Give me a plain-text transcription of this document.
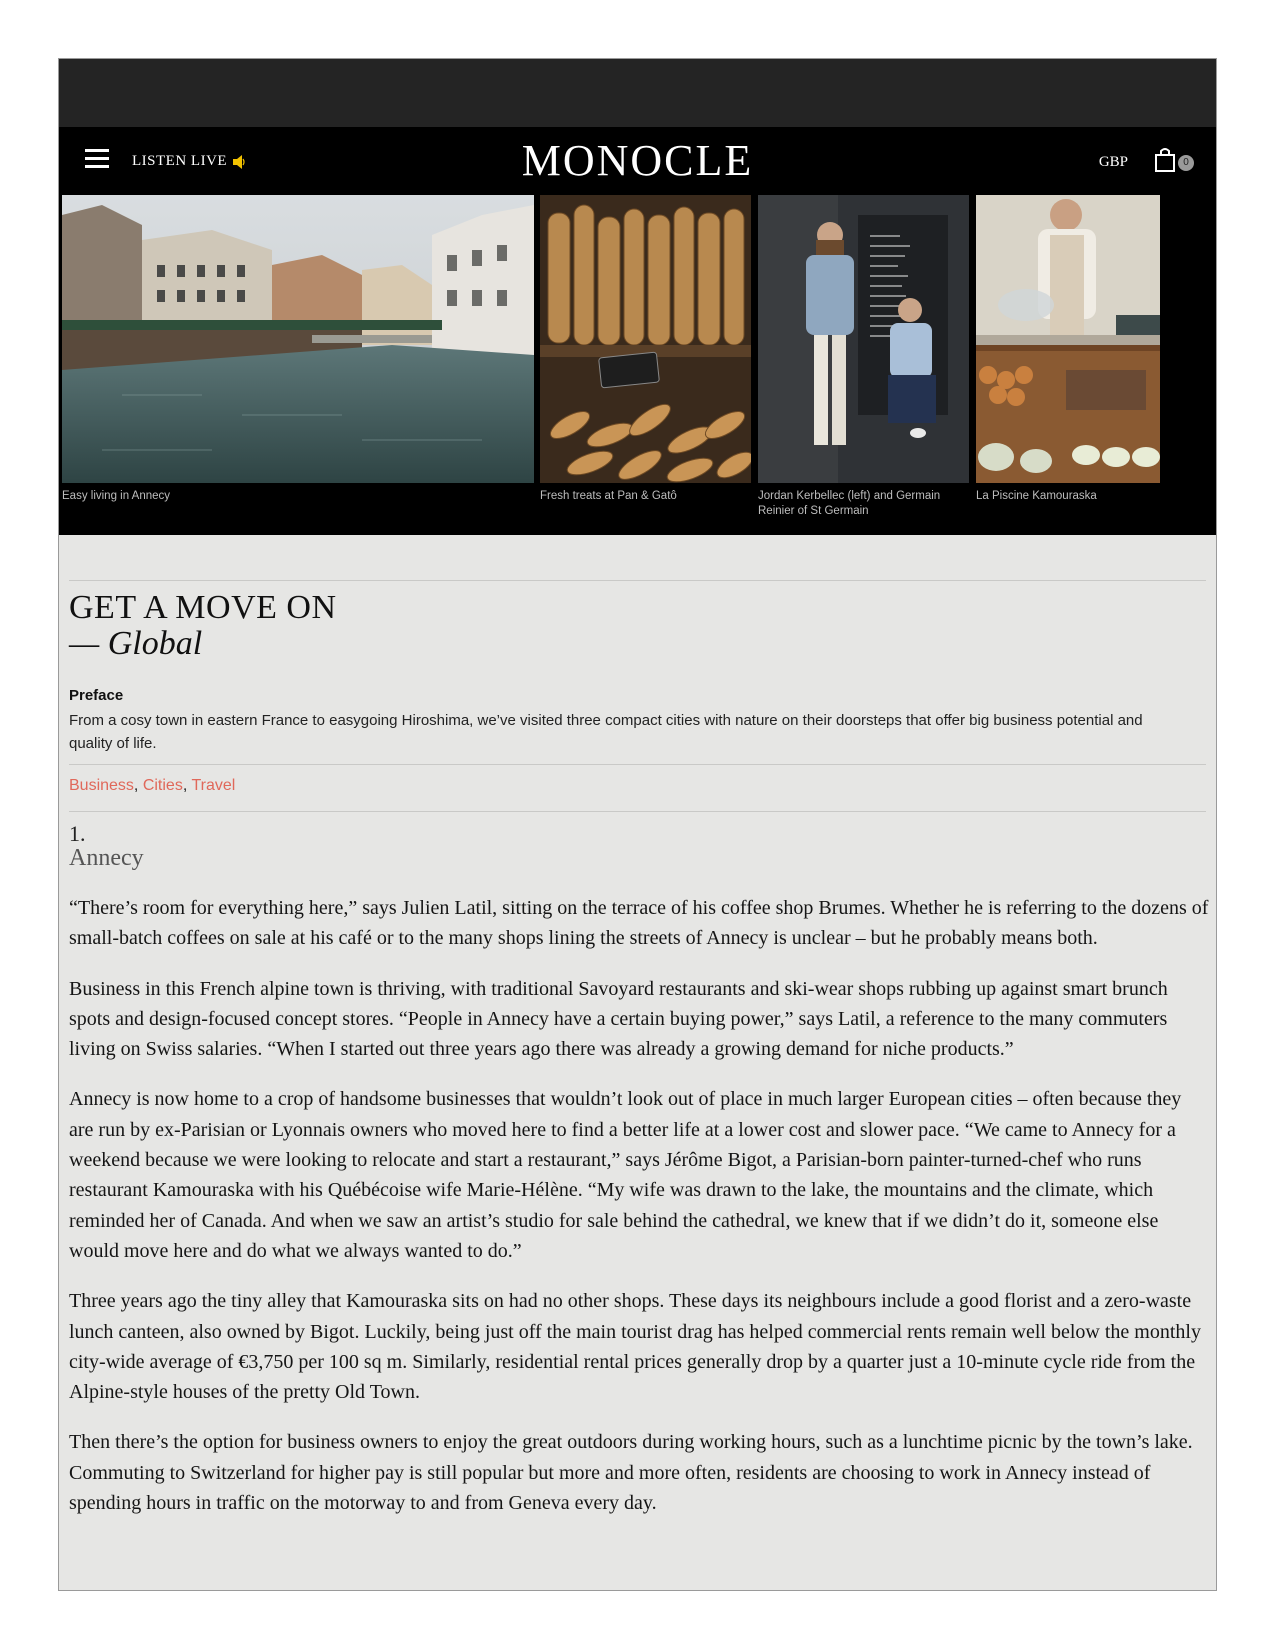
LISTEN LIVE	MONOCLE	GBP	0
Easy living in Annecy	Fresh treats at Pan & Gatô	Jordan Kerbellec (left) and Germain Reinier of St Germain
La Piscine Kamouraska
GET A MOVE ON
— Global
Preface
From a cosy town in eastern France to easygoing Hiroshima, we’ve visited three compact cities with nature on their doorsteps that offer big business potential and quality of life.
Business, Cities, Travel
1.
Annecy

“There’s room for everything here,” says Julien Latil, sitting on the terrace of his coffee shop Brumes. Whether he is referring to the dozens of small-batch coffees on sale at his café or to the many shops lining the streets of Annecy is unclear – but he probably means both.

Business in this French alpine town is thriving, with traditional Savoyard restaurants and ski-wear shops rubbing up against smart brunch spots and design-focused concept stores. “People in Annecy have a certain buying power,” says Latil, a reference to the many commuters living on Swiss salaries. “When I started out three years ago there was already a growing demand for niche products.”

Annecy is now home to a crop of handsome businesses that wouldn’t look out of place in much larger European cities – often because they are run by ex-Parisian or Lyonnais owners who moved here to find a better life at a lower cost and slower pace. “We came to Annecy for a weekend because we were looking to relocate and start a restaurant,” says Jérôme Bigot, a Parisian-born painter-turned-chef who runs restaurant Kamouraska with his Québécoise wife Marie-Hélène. “My wife was drawn to the lake, the mountains and the climate, which reminded her of Canada. And when we saw an artist’s studio for sale behind the cathedral, we knew that if we didn’t do it, someone else would move here and do what we always wanted to do.”

Three years ago the tiny alley that Kamouraska sits on had no other shops. These days its neighbours include a good florist and a zero-waste lunch canteen, also owned by Bigot. Luckily, being just off the main tourist drag has helped commercial rents remain well below the monthly city-wide average of €3,750 per 100 sq m. Similarly, residential rental prices generally drop by a quarter just a 10-minute cycle ride from the Alpine-style houses of the pretty Old Town.

Then there’s the option for business owners to enjoy the great outdoors during working hours, such as a lunchtime picnic by the town’s lake. Commuting to Switzerland for higher pay is still popular but more and more often, residents are choosing to work in Annecy instead of spending hours in traffic on the motorway to and from Geneva every day.
